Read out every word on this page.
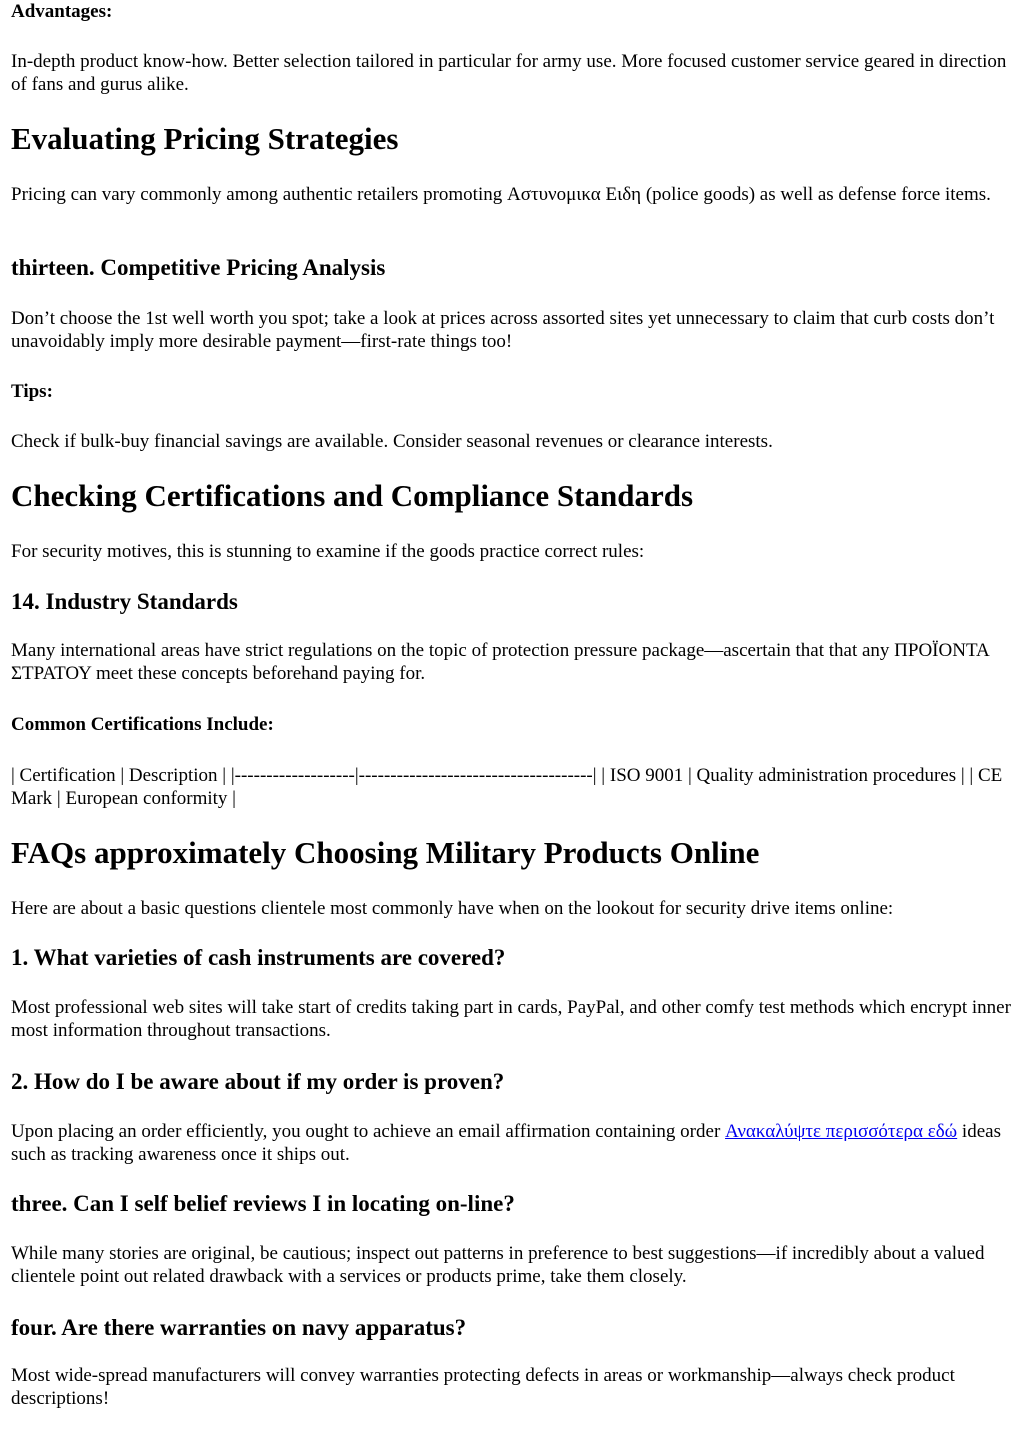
Advantages:

In-depth product know-how. Better selection tailored in particular for army use. More focused customer service geared in direction of fans and gurus alike.

Evaluating Pricing Strategies

Pricing can vary commonly among authentic retailers promoting Αστυνομικα Ειδη (police goods) as well as defense force items.

thirteen. Competitive Pricing Analysis

Don’t choose the 1st well worth you spot; take a look at prices across assorted sites yet unnecessary to claim that curb costs don’t unavoidably imply more desirable payment—first-rate things too!

Tips:

Check if bulk-buy financial savings are available. Consider seasonal revenues or clearance interests.

Checking Certifications and Compliance Standards

For security motives, this is stunning to examine if the goods practice correct rules:

14. Industry Standards

Many international areas have strict regulations on the topic of protection pressure package—ascertain that that any ΠΡΟΪΟΝΤΑ ΣΤΡΑΤΟΥ meet these concepts beforehand paying for.

Common Certifications Include:

| Certification | Description | |-------------------|-------------------------------------| | ISO 9001 | Quality administration procedures | | CE Mark | European conformity |

FAQs approximately Choosing Military Products Online

Here are about a basic questions clientele most commonly have when on the lookout for security drive items online:

1. What varieties of cash instruments are covered?

Most professional web sites will take start of credits taking part in cards, PayPal, and other comfy test methods which encrypt inner most information throughout transactions.

2. How do I be aware about if my order is proven?

Upon placing an order efficiently, you ought to achieve an email affirmation containing order Ανακαλύψτε περισσότερα εδώ ideas such as tracking awareness once it ships out.

three. Can I self belief reviews I in locating on-line?

While many stories are original, be cautious; inspect out patterns in preference to best suggestions—if incredibly about a valued clientele point out related drawback with a services or products prime, take them closely.

four. Are there warranties on navy apparatus?

Most wide-spread manufacturers will convey warranties protecting defects in areas or workmanship—always check product descriptions!
